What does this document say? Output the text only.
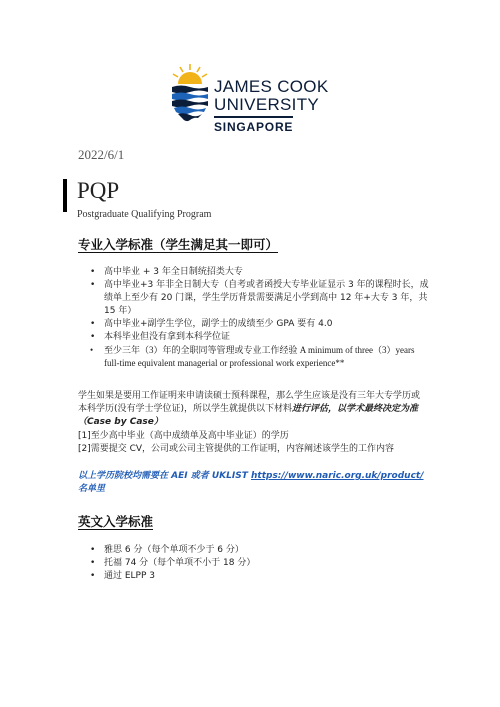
JAMES COOK
UNIVERSITY
SINGAPORE
2022/6/1
PQP
Postgraduate Qualifying Program
专业入学标准（学生满足其一即可）
• 高中毕业 + 3 年全日制统招类大专
• 高中毕业+3 年非全日制大专（自考或者函授大专毕业证显示 3 年的课程时长，成绩单上至少有 20 门课，学生学历背景需要满足小学到高中 12 年+大专 3 年，共 15 年）
• 高中毕业+副学生学位，副学士的成绩至少 GPA 要有 4.0
• 本科毕业但没有拿到本科学位证
• 至少三年（3）年的全职同等管理或专业工作经验 A minimum of three（3）years full-time equivalent managerial or professional work experience**
学生如果是要用工作证明来申请读硕士预科课程，那么学生应该是没有三年大专学历或本科学历(没有学士学位证)，所以学生就提供以下材料进行评估，以学术最终决定为准（Case by Case）
[1]至少高中毕业（高中成绩单及高中毕业证）的学历
[2]需要提交 CV，公司或公司主管提供的工作证明，内容阐述该学生的工作内容
以上学历院校均需要在 AEI 或者 UKLIST https://www.naric.org.uk/product/ 名单里
英文入学标准
• 雅思 6 分（每个单项不少于 6 分）
• 托福 74 分（每个单项不小于 18 分）
• 通过 ELPP 3
